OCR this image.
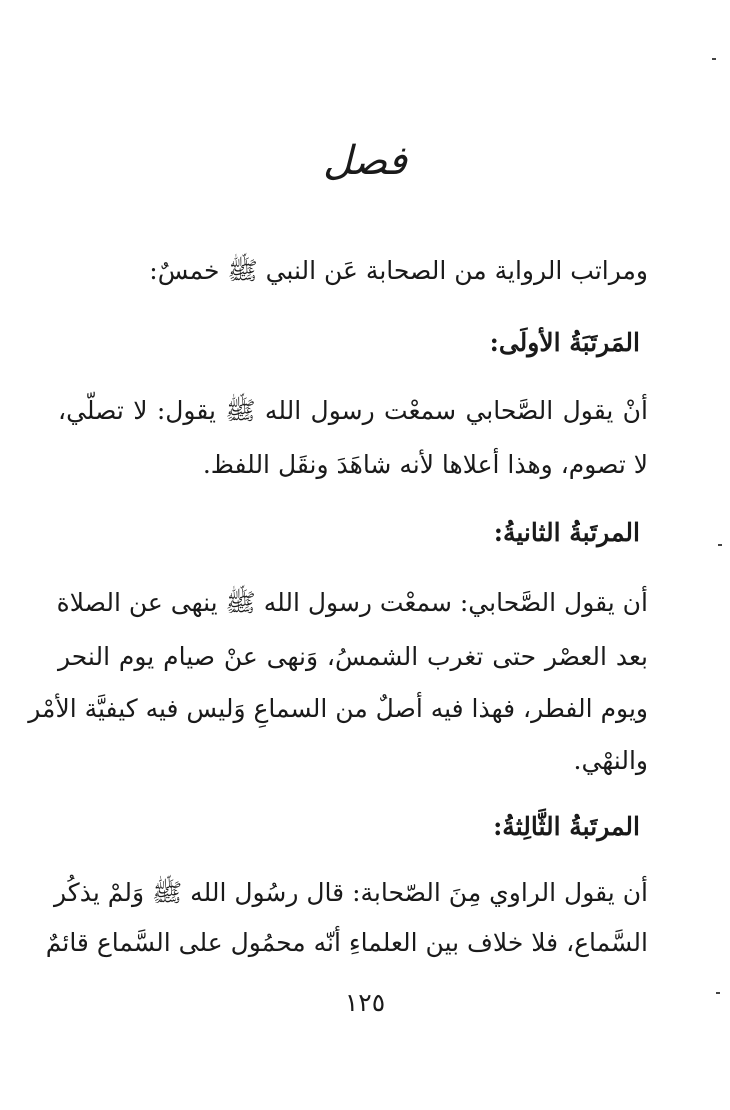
فصل
ومراتب الرواية من الصحابة عَن النبي ﷺ خمسٌ:
المَرتَبَةُ الأولَى:
أنْ يقول الصَّحابي سمعْت رسول الله ﷺ يقول: لا تصلّي،
لا تصوم، وهذا أعلاها لأنه شاهَدَ ونقَل اللفظ.
المرتَبةُ الثانيةُ:
أن يقول الصَّحابي: سمعْت رسول الله ﷺ ينهى عن الصلاة
بعد العصْر حتى تغرب الشمسُ، وَنهى عنْ صيام يوم النحر
ويوم الفطر، فهذا فيه أصلٌ من السماعِ وَليس فيه كيفيَّة الأمْر
والنهْي.
المرتَبةُ الثَّالِثةُ:
أن يقول الراوي مِنَ الصّحابة: قال رسُول الله ﷺ وَلمْ يذكُر
السَّماع، فلا خلاف بين العلماءِ أنّه محمُول على السَّماع قائمٌ
١٢٥
